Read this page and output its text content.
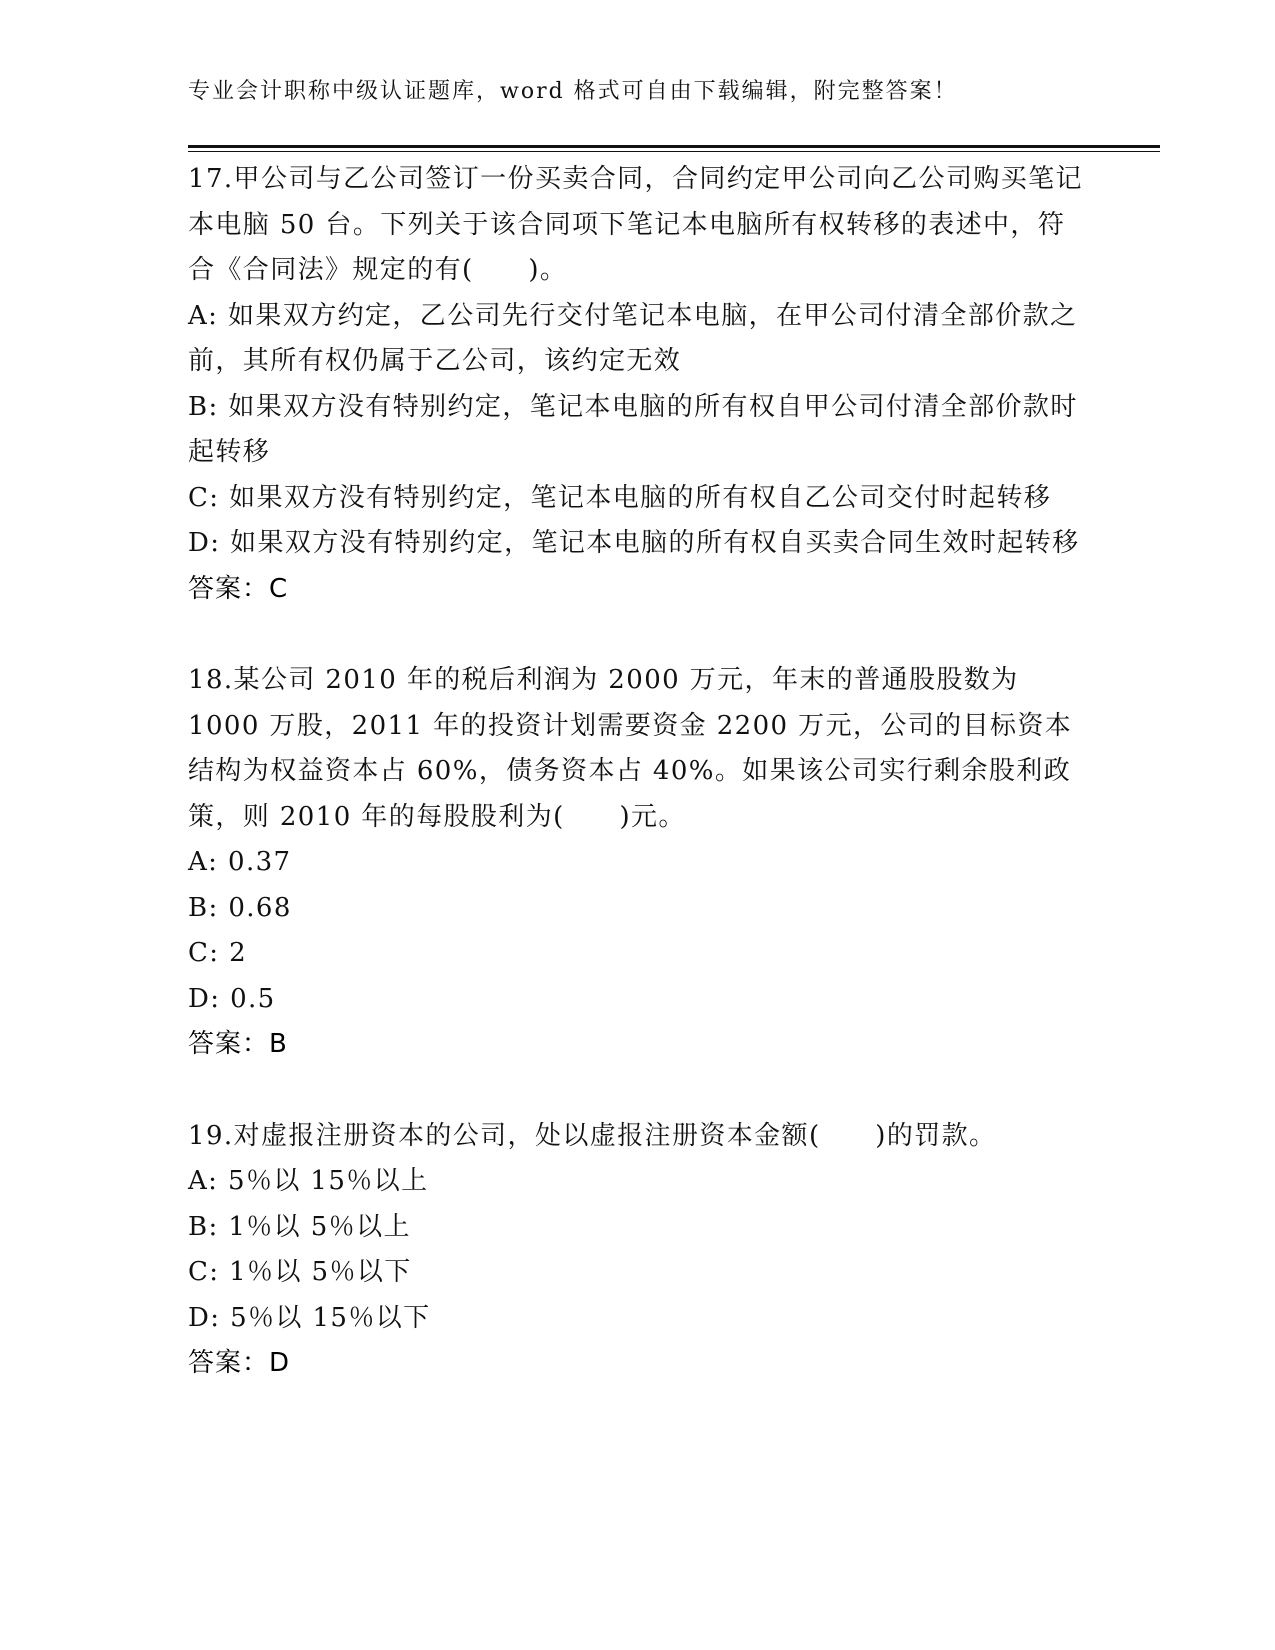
专业会计职称中级认证题库，word 格式可自由下载编辑，附完整答案！
17.甲公司与乙公司签订一份买卖合同，合同约定甲公司向乙公司购买笔记本电脑 50 台。下列关于该合同项下笔记本电脑所有权转移的表述中，符合《合同法》规定的有(　　)。
A: 如果双方约定，乙公司先行交付笔记本电脑，在甲公司付清全部价款之前，其所有权仍属于乙公司，该约定无效
B: 如果双方没有特别约定，笔记本电脑的所有权自甲公司付清全部价款时起转移
C: 如果双方没有特别约定，笔记本电脑的所有权自乙公司交付时起转移
D: 如果双方没有特别约定，笔记本电脑的所有权自买卖合同生效时起转移
答案：C
18.某公司 2010 年的税后利润为 2000 万元，年末的普通股股数为 1000 万股，2011 年的投资计划需要资金 2200 万元，公司的目标资本结构为权益资本占 60%，债务资本占 40%。如果该公司实行剩余股利政策，则 2010 年的每股股利为(　　)元。
A: 0.37
B: 0.68
C: 2
D: 0.5
答案：B
19.对虚报注册资本的公司，处以虚报注册资本金额(　　)的罚款。
A: 5％以 15％以上
B: 1％以 5％以上
C: 1％以 5％以下
D: 5％以 15％以下
答案：D
